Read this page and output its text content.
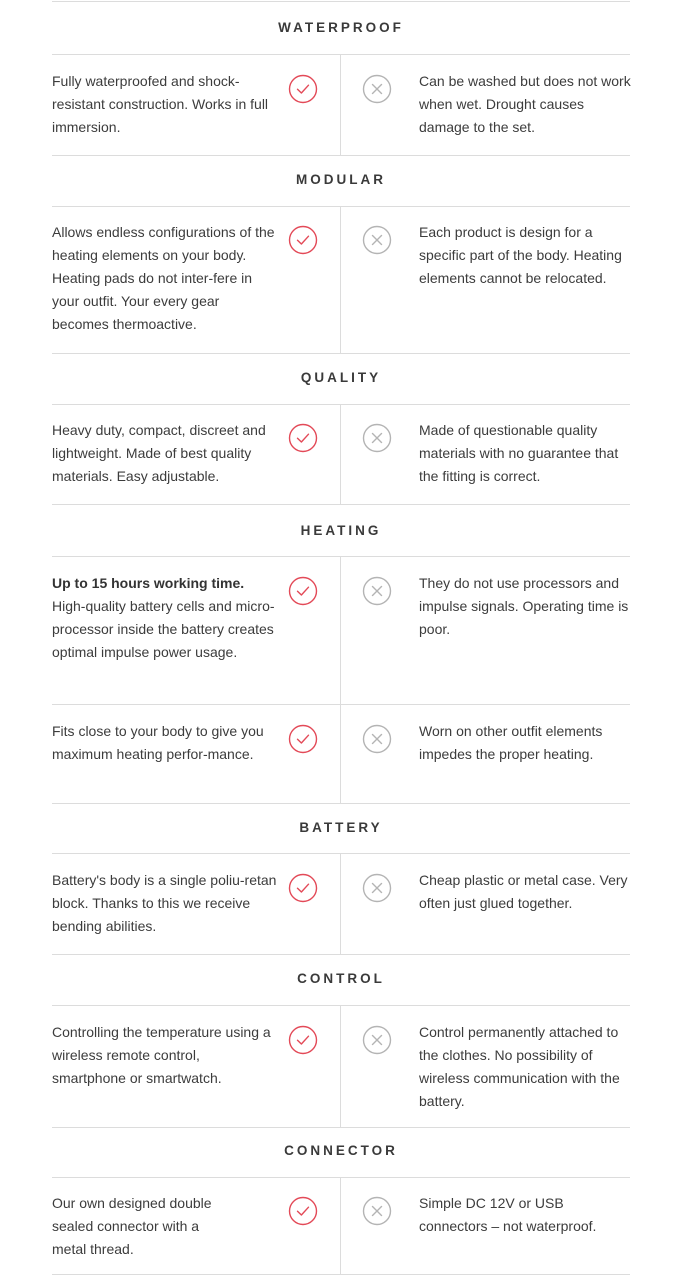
WATERPROOF
Fully waterproofed and shock-resistant construction. Works in full immersion.
Can be washed but does not work when wet. Drought causes damage to the set.
MODULAR
Allows endless configurations of the heating elements on your body. Heating pads do not inter-fere in your outfit. Your every gear becomes thermoactive.
Each product is design for a specific part of the body. Heating elements cannot be relocated.
QUALITY
Heavy duty, compact, discreet and lightweight. Made of best quality materials. Easy adjustable.
Made of questionable quality materials with no guarantee that the fitting is correct.
HEATING
Up to 15 hours working time.
High-quality battery cells and micro-processor inside the battery creates optimal impulse power usage.
They do not use processors and impulse signals. Operating time is poor.
Fits close to your body to give you maximum heating perfor-mance.
Worn on other outfit elements impedes the proper heating.
BATTERY
Battery's body is a single poliu-retan block. Thanks to this we receive bending abilities.
Cheap plastic or metal case. Very often just glued together.
CONTROL
Controlling the temperature using a wireless remote control, smartphone or smartwatch.
Control permanently attached to the clothes. No possibility of wireless communication with the battery.
CONNECTOR
Our own designed double sealed connector with a metal thread.
Simple DC 12V or USB connectors – not waterproof.
